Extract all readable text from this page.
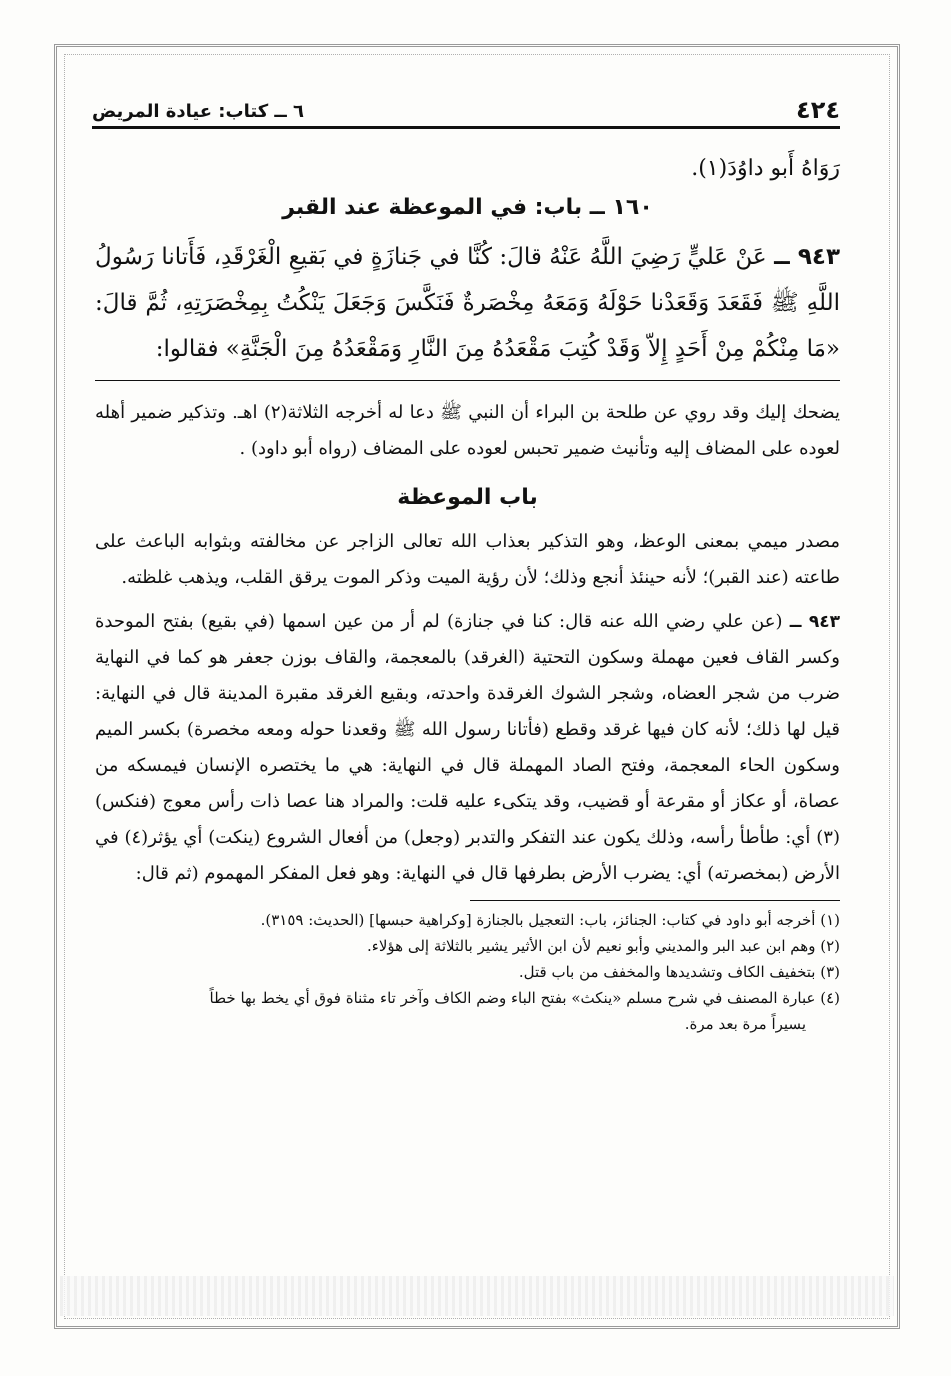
٤٢٤
٦ ــ كتاب: عيادة المريض
رَوَاهُ أَبو داوُدَ(١).
١٦٠ ــ باب: في الموعظة عند القبر

٩٤٣ ــ عَنْ عَليٍّ رَضِيَ اللَّهُ عَنْهُ قالَ: كُنَّا في جَنازَةٍ في بَقيعِ الْغَرْقَدِ، فَأَتانا رَسُولُ اللَّهِ ﷺ فَقَعَدَ وَقَعَدْنا حَوْلَهُ وَمَعَهُ مِخْصَرةٌ فَنَكَّسَ وَجَعَلَ يَنْكُتُ بِمِخْصَرَتِهِ، ثُمَّ قالَ: «مَا مِنْكُمْ مِنْ أَحَدٍ إِلاّ وَقَدْ كُتِبَ مَقْعَدُهُ مِنَ النَّارِ وَمَقْعَدُهُ مِنَ الْجَنَّةِ» فقالوا:

يضحك إليك وقد روي عن طلحة بن البراء أن النبي ﷺ دعا له أخرجه الثلاثة(٢) اهـ. وتذكير ضمير أهله لعوده على المضاف إليه وتأنيث ضمير تحبس لعوده على المضاف (رواه أبو داود) .

باب الموعظة

مصدر ميمي بمعنى الوعظ، وهو التذكير بعذاب الله تعالى الزاجر عن مخالفته وبثوابه الباعث على طاعته (عند القبر)؛ لأنه حينئذ أنجع وذلك؛ لأن رؤية الميت وذكر الموت يرقق القلب، ويذهب غلظته.

٩٤٣ ــ (عن علي رضي الله عنه قال: كنا في جنازة) لم أر من عين اسمها (في بقيع) بفتح الموحدة وكسر القاف فعين مهملة وسكون التحتية (الغرقد) بالمعجمة، والقاف بوزن جعفر هو كما في النهاية ضرب من شجر العضاه، وشجر الشوك الغرقدة واحدته، وبقيع الغرقد مقبرة المدينة قال في النهاية: قيل لها ذلك؛ لأنه كان فيها غرقد وقطع (فأتانا رسول الله ﷺ وقعدنا حوله ومعه مخصرة) بكسر الميم وسكون الحاء المعجمة، وفتح الصاد المهملة قال في النهاية: هي ما يختصره الإنسان فيمسكه من عصاة، أو عكاز أو مقرعة أو قضيب، وقد يتكىء عليه قلت: والمراد هنا عصا ذات رأس معوج (فنكس)(٣) أي: طأطأ رأسه، وذلك يكون عند التفكر والتدبر (وجعل) من أفعال الشروع (ينكت) أي يؤثر(٤) في الأرض (بمخصرته) أي: يضرب الأرض بطرفها قال في النهاية: وهو فعل المفكر المهموم (ثم قال:

(١) أخرجه أبو داود في كتاب: الجنائز، باب: التعجيل بالجنازة [وكراهية حبسها] (الحديث: ٣١٥٩).

(٢) وهم ابن عبد البر والمديني وأبو نعيم لأن ابن الأثير يشير بالثلاثة إلى هؤلاء.

(٣) بتخفيف الكاف وتشديدها والمخفف من باب قتل.

(٤) عبارة المصنف في شرح مسلم «ينكث» بفتح الباء وضم الكاف وآخر تاء مثناة فوق أي يخط بها خطاً

يسيراً مرة بعد مرة.
